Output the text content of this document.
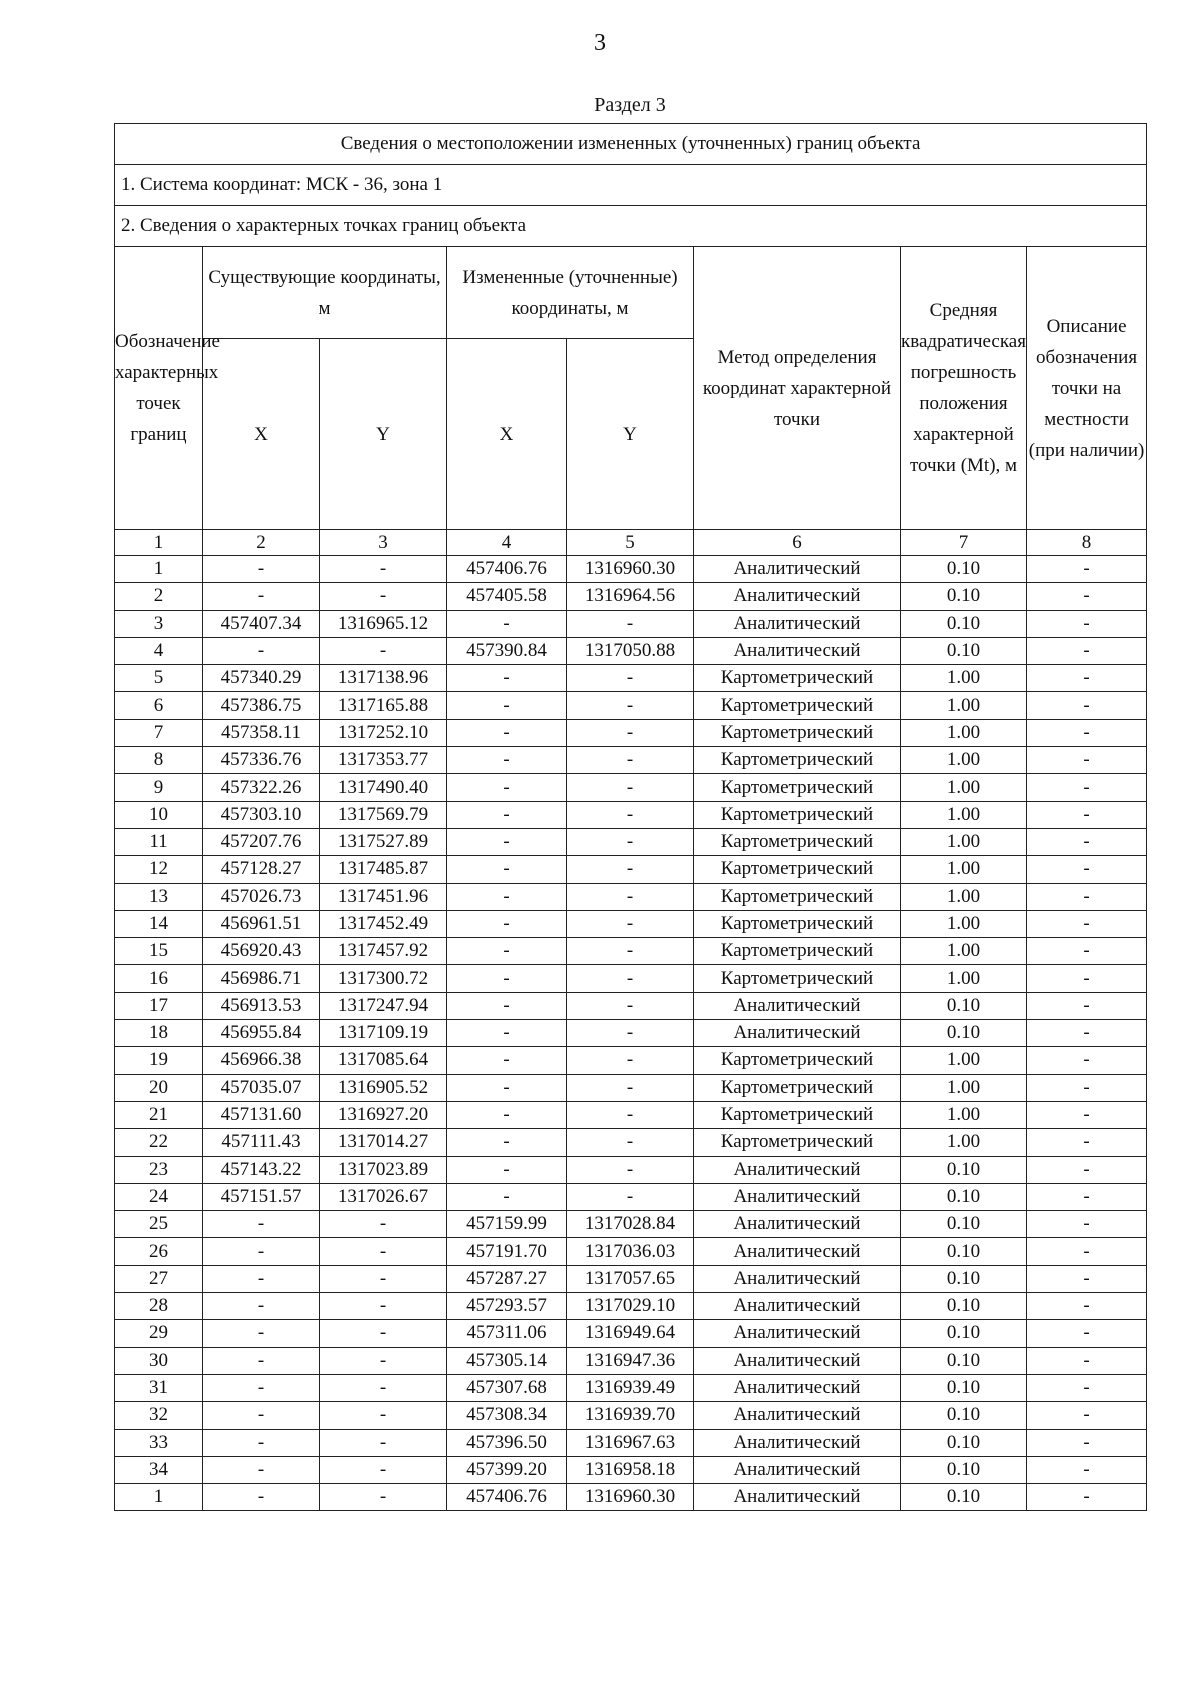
3
Раздел 3
Сведения о местоположении измененных (уточненных) границ объекта							
1. Система координат: МСК - 36, зона 1							
2. Сведения о характерных точках границ объекта							
Обозначение характерных точек границ	Существующие координаты, м		Измененные (уточненные) координаты, м		Метод определения координат характерной точки	Средняя квадратическая погрешность положения характерной точки (Mt), м	Описание обозначения точки на местности (при наличии)
	X	Y	X	Y			
1	2	3	4	5	6	7	8
1	-	-	457406.76	1316960.30	Аналитический	0.10	-
2	-	-	457405.58	1316964.56	Аналитический	0.10	-
3	457407.34	1316965.12	-	-	Аналитический	0.10	-
4	-	-	457390.84	1317050.88	Аналитический	0.10	-
5	457340.29	1317138.96	-	-	Картометрический	1.00	-
6	457386.75	1317165.88	-	-	Картометрический	1.00	-
7	457358.11	1317252.10	-	-	Картометрический	1.00	-
8	457336.76	1317353.77	-	-	Картометрический	1.00	-
9	457322.26	1317490.40	-	-	Картометрический	1.00	-
10	457303.10	1317569.79	-	-	Картометрический	1.00	-
11	457207.76	1317527.89	-	-	Картометрический	1.00	-
12	457128.27	1317485.87	-	-	Картометрический	1.00	-
13	457026.73	1317451.96	-	-	Картометрический	1.00	-
14	456961.51	1317452.49	-	-	Картометрический	1.00	-
15	456920.43	1317457.92	-	-	Картометрический	1.00	-
16	456986.71	1317300.72	-	-	Картометрический	1.00	-
17	456913.53	1317247.94	-	-	Аналитический	0.10	-
18	456955.84	1317109.19	-	-	Аналитический	0.10	-
19	456966.38	1317085.64	-	-	Картометрический	1.00	-
20	457035.07	1316905.52	-	-	Картометрический	1.00	-
21	457131.60	1316927.20	-	-	Картометрический	1.00	-
22	457111.43	1317014.27	-	-	Картометрический	1.00	-
23	457143.22	1317023.89	-	-	Аналитический	0.10	-
24	457151.57	1317026.67	-	-	Аналитический	0.10	-
25	-	-	457159.99	1317028.84	Аналитический	0.10	-
26	-	-	457191.70	1317036.03	Аналитический	0.10	-
27	-	-	457287.27	1317057.65	Аналитический	0.10	-
28	-	-	457293.57	1317029.10	Аналитический	0.10	-
29	-	-	457311.06	1316949.64	Аналитический	0.10	-
30	-	-	457305.14	1316947.36	Аналитический	0.10	-
31	-	-	457307.68	1316939.49	Аналитический	0.10	-
32	-	-	457308.34	1316939.70	Аналитический	0.10	-
33	-	-	457396.50	1316967.63	Аналитический	0.10	-
34	-	-	457399.20	1316958.18	Аналитический	0.10	-
1	-	-	457406.76	1316960.30	Аналитический	0.10	-
